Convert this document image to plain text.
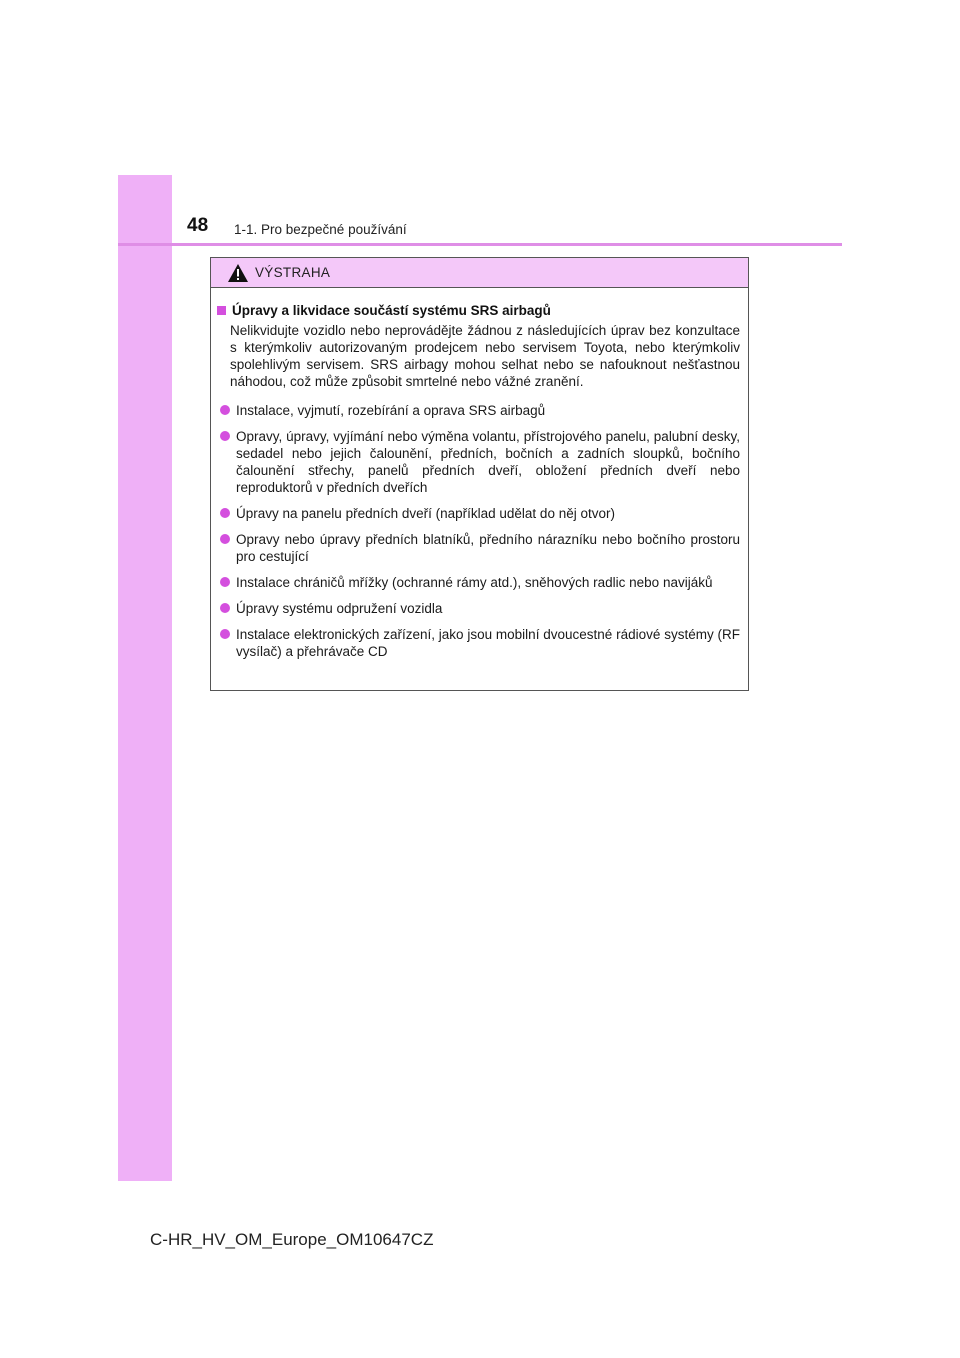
48 1-1. Pro bezpečné používání
VÝSTRAHA
Úpravy a likvidace součástí systému SRS airbagů

Nelikvidujte vozidlo nebo neprovádějte žádnou z následujících úprav bez konzultace s kterýmkoliv autorizovaným prodejcem nebo servisem Toyota, nebo kterýmkoliv spolehlivým servisem. SRS airbagy mohou selhat nebo se nafouknout nešťastnou náhodou, což může způsobit smrtelné nebo vážné zranění.

Instalace, vyjmutí, rozebírání a oprava SRS airbagů
Opravy, úpravy, vyjímání nebo výměna volantu, přístrojového panelu, palubní desky, sedadel nebo jejich čalounění, předních, bočních a zadních sloupků, bočního čalounění střechy, panelů předních dveří, obložení předních dveří nebo reproduktorů v předních dveřích
Úpravy na panelu předních dveří (například udělat do něj otvor)
Opravy nebo úpravy předních blatníků, předního nárazníku nebo bočního prostoru pro cestující
Instalace chráničů mřížky (ochranné rámy atd.), sněhových radlic nebo navijáků
Úpravy systému odpružení vozidla
Instalace elektronických zařízení, jako jsou mobilní dvoucestné rádiové systémy (RF vysílač) a přehrávače CD
C-HR_HV_OM_Europe_OM10647CZ
